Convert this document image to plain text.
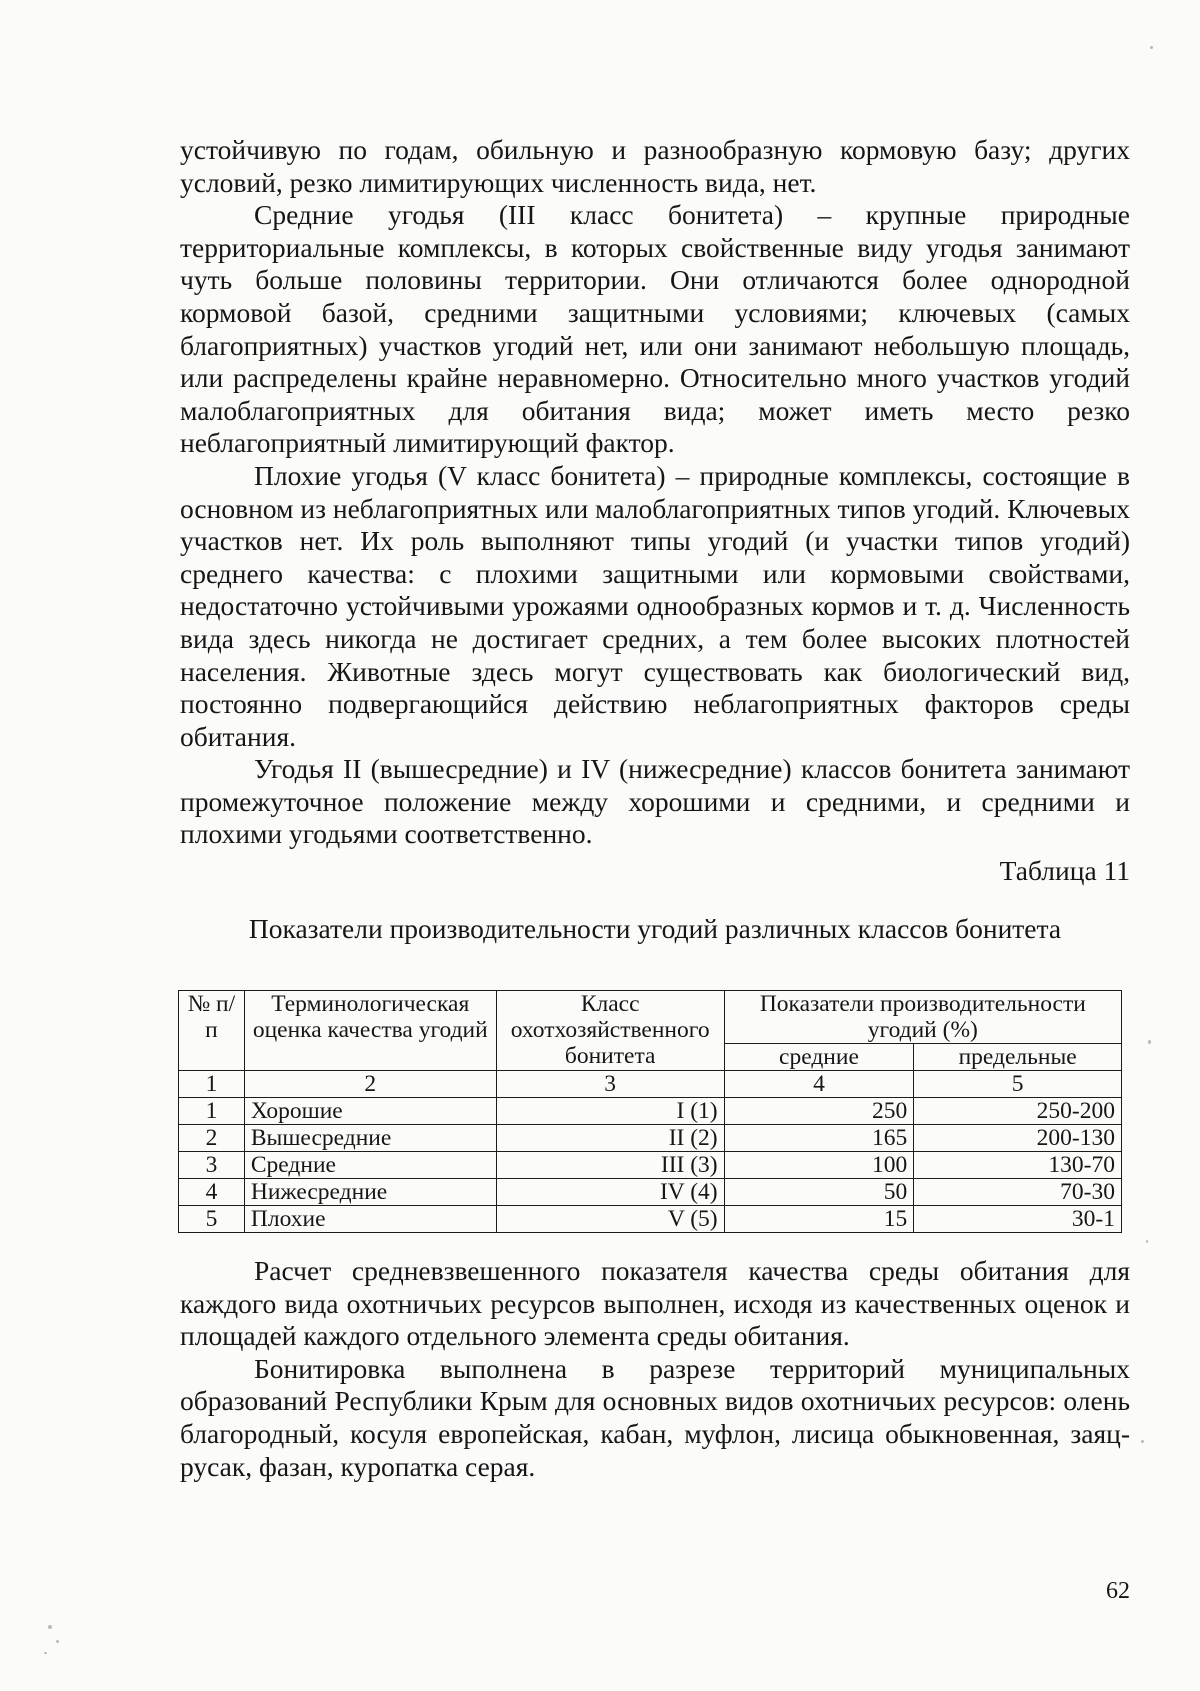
устойчивую по годам, обильную и разнообразную кормовую базу; других условий, резко лимитирующих численность вида, нет.

Средние угодья (III класс бонитета) – крупные природные территориальные комплексы, в которых свойственные виду угодья занимают чуть больше половины территории. Они отличаются более однородной кормовой базой, средними защитными условиями; ключевых (самых благоприятных) участков угодий нет, или они занимают небольшую площадь, или распределены крайне неравномерно. Относительно много участков угодий малоблагоприятных для обитания вида; может иметь место резко неблагоприятный лимитирующий фактор.

Плохие угодья (V класс бонитета) – природные комплексы, состоящие в основном из неблагоприятных или малоблагоприятных типов угодий. Ключевых участков нет. Их роль выполняют типы угодий (и участки типов угодий) среднего качества: с плохими защитными или кормовыми свойствами, недостаточно устойчивыми урожаями однообразных кормов и т. д. Численность вида здесь никогда не достигает средних, а тем более высоких плотностей населения. Животные здесь могут существовать как биологический вид, постоянно подвергающийся действию неблагоприятных факторов среды обитания.

Угодья II (вышесредние) и IV (нижесредние) классов бонитета занимают промежуточное положение между хорошими и средними, и средними и плохими угодьями соответственно.

Таблица 11
Показатели производительности угодий различных классов бонитета
№ п/п	Терминологическая оценка качества угодий	Класс охотхозяйственного бонитета	Показатели производительности угодий (%)	
			средние	предельные
1	2	3	4	5
1	Хорошие	I (1)	250	250-200
2	Вышесредние	II (2)	165	200-130
3	Средние	III (3)	100	130-70
4	Нижесредние	IV (4)	50	70-30
5	Плохие	V (5)	15	30-1

Расчет средневзвешенного показателя качества среды обитания для каждого вида охотничьих ресурсов выполнен, исходя из качественных оценок и площадей каждого отдельного элемента среды обитания.

Бонитировка выполнена в разрезе территорий муниципальных образований Республики Крым для основных видов охотничьих ресурсов: олень благородный, косуля европейская, кабан, муфлон, лисица обыкновенная, заяц-русак, фазан, куропатка серая.

62
